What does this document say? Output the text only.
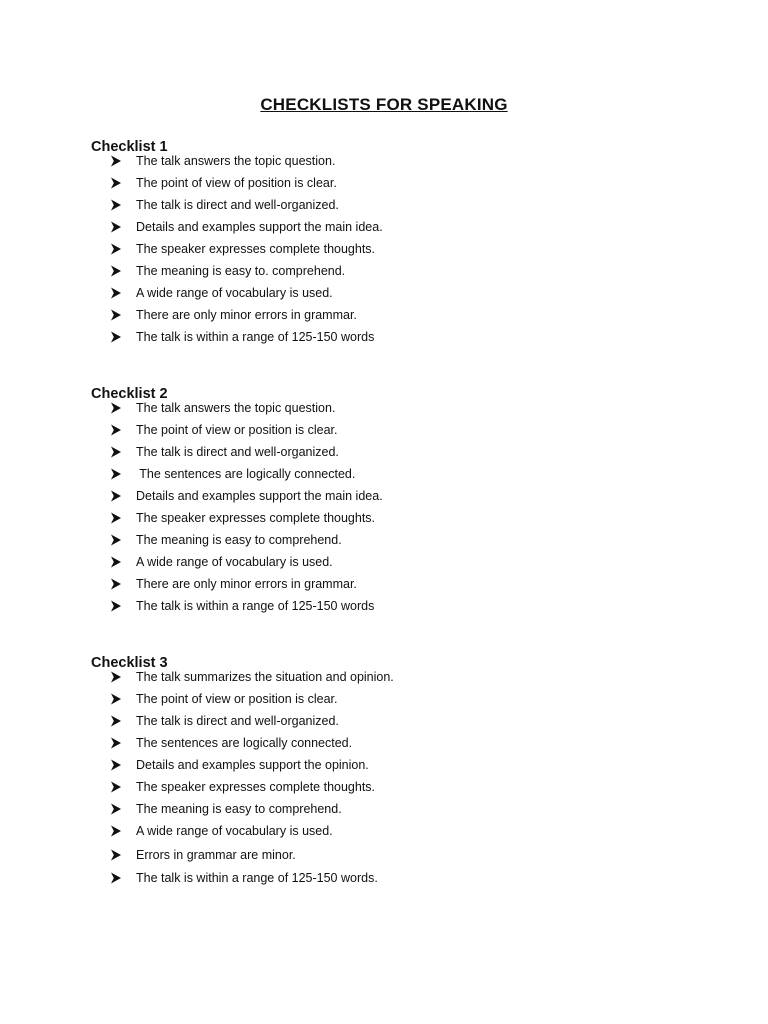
CHECKLISTS FOR SPEAKING
Checklist 1
The talk answers the topic question.
The point of view of position is clear.
The talk is direct and well-organized.
Details and examples support the main idea.
The speaker expresses complete thoughts.
The meaning is easy to. comprehend.
A wide range of vocabulary is used.
There are only minor errors in grammar.
The talk is within a range of 125-150 words
Checklist 2
The talk answers the topic question.
The point of view or position is clear.
The talk is direct and well-organized.
The sentences are logically connected.
Details and examples support the main idea.
The speaker expresses complete thoughts.
The meaning is easy to comprehend.
A wide range of vocabulary is used.
There are only minor errors in grammar.
The talk is within a range of 125-150 words
Checklist 3
The talk summarizes the situation and opinion.
The point of view or position is clear.
The talk is direct and well-organized.
The sentences are logically connected.
Details and examples support the opinion.
The speaker expresses complete thoughts.
The meaning is easy to comprehend.
A wide range of vocabulary is used.
Errors in grammar are minor.
The talk is within a range of 125-150 words.
